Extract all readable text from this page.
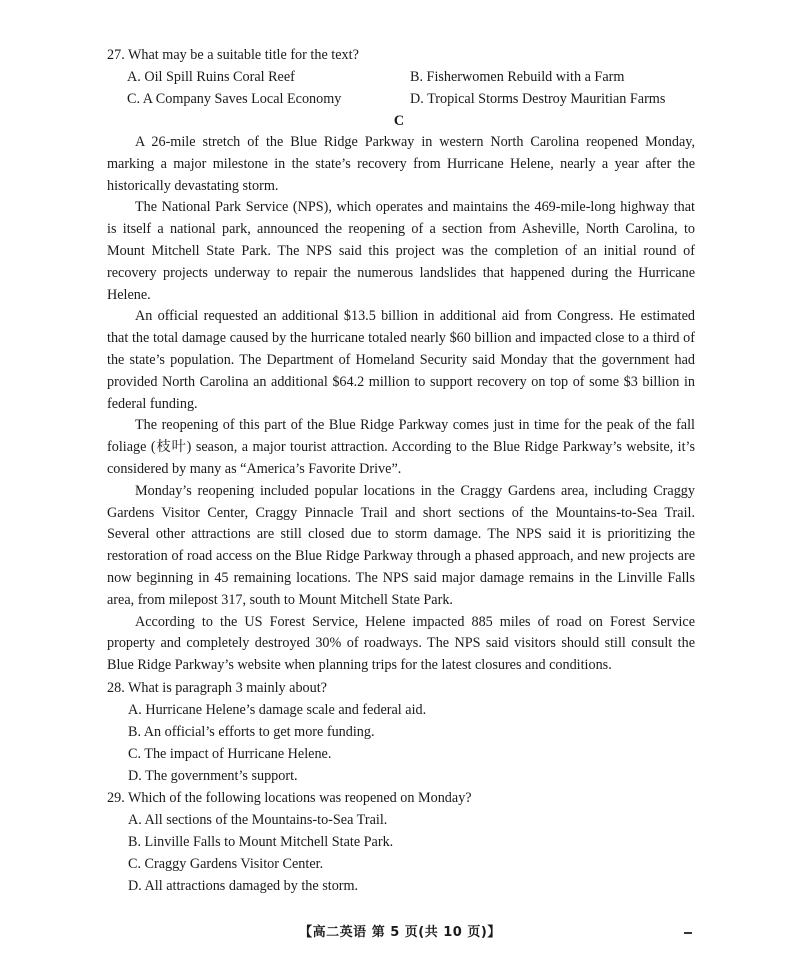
27. What may be a suitable title for the text?
A. Oil Spill Ruins Coral Reef	B. Fisherwomen Rebuild with a Farm
C. A Company Saves Local Economy	D. Tropical Storms Destroy Mauritian Farms
C

A 26-mile stretch of the Blue Ridge Parkway in western North Carolina reopened Monday, marking a major milestone in the state’s recovery from Hurricane Helene, nearly a year after the historically devastating storm.

The National Park Service (NPS), which operates and maintains the 469-mile-long highway that is itself a national park, announced the reopening of a section from Asheville, North Carolina, to Mount Mitchell State Park. The NPS said this project was the completion of an initial round of recovery projects underway to repair the numerous landslides that happened during the Hurricane Helene.

An official requested an additional $13.5 billion in additional aid from Congress. He estimated that the total damage caused by the hurricane totaled nearly $60 billion and impacted close to a third of the state’s population. The Department of Homeland Security said Monday that the government had provided North Carolina an additional $64.2 million to support recovery on top of some $3 billion in federal funding.

The reopening of this part of the Blue Ridge Parkway comes just in time for the peak of the fall foliage (枝叶) season, a major tourist attraction. According to the Blue Ridge Parkway’s website, it’s considered by many as “America’s Favorite Drive”.

Monday’s reopening included popular locations in the Craggy Gardens area, including Craggy Gardens Visitor Center, Craggy Pinnacle Trail and short sections of the Mountains-to-Sea Trail. Several other attractions are still closed due to storm damage. The NPS said it is prioritizing the restoration of road access on the Blue Ridge Parkway through a phased approach, and new projects are now beginning in 45 remaining locations. The NPS said major damage remains in the Linville Falls area, from milepost 317, south to Mount Mitchell State Park.

According to the US Forest Service, Helene impacted 885 miles of road on Forest Service property and completely destroyed 30% of roadways. The NPS said visitors should still consult the Blue Ridge Parkway’s website when planning trips for the latest closures and conditions.

28. What is paragraph 3 mainly about?
A. Hurricane Helene’s damage scale and federal aid.
B. An official’s efforts to get more funding.
C. The impact of Hurricane Helene.
D. The government’s support.
29. Which of the following locations was reopened on Monday?
A. All sections of the Mountains-to-Sea Trail.
B. Linville Falls to Mount Mitchell State Park.
C. Craggy Gardens Visitor Center.
D. All attractions damaged by the storm.
【高二英语 第 5 页(共 10 页)】
